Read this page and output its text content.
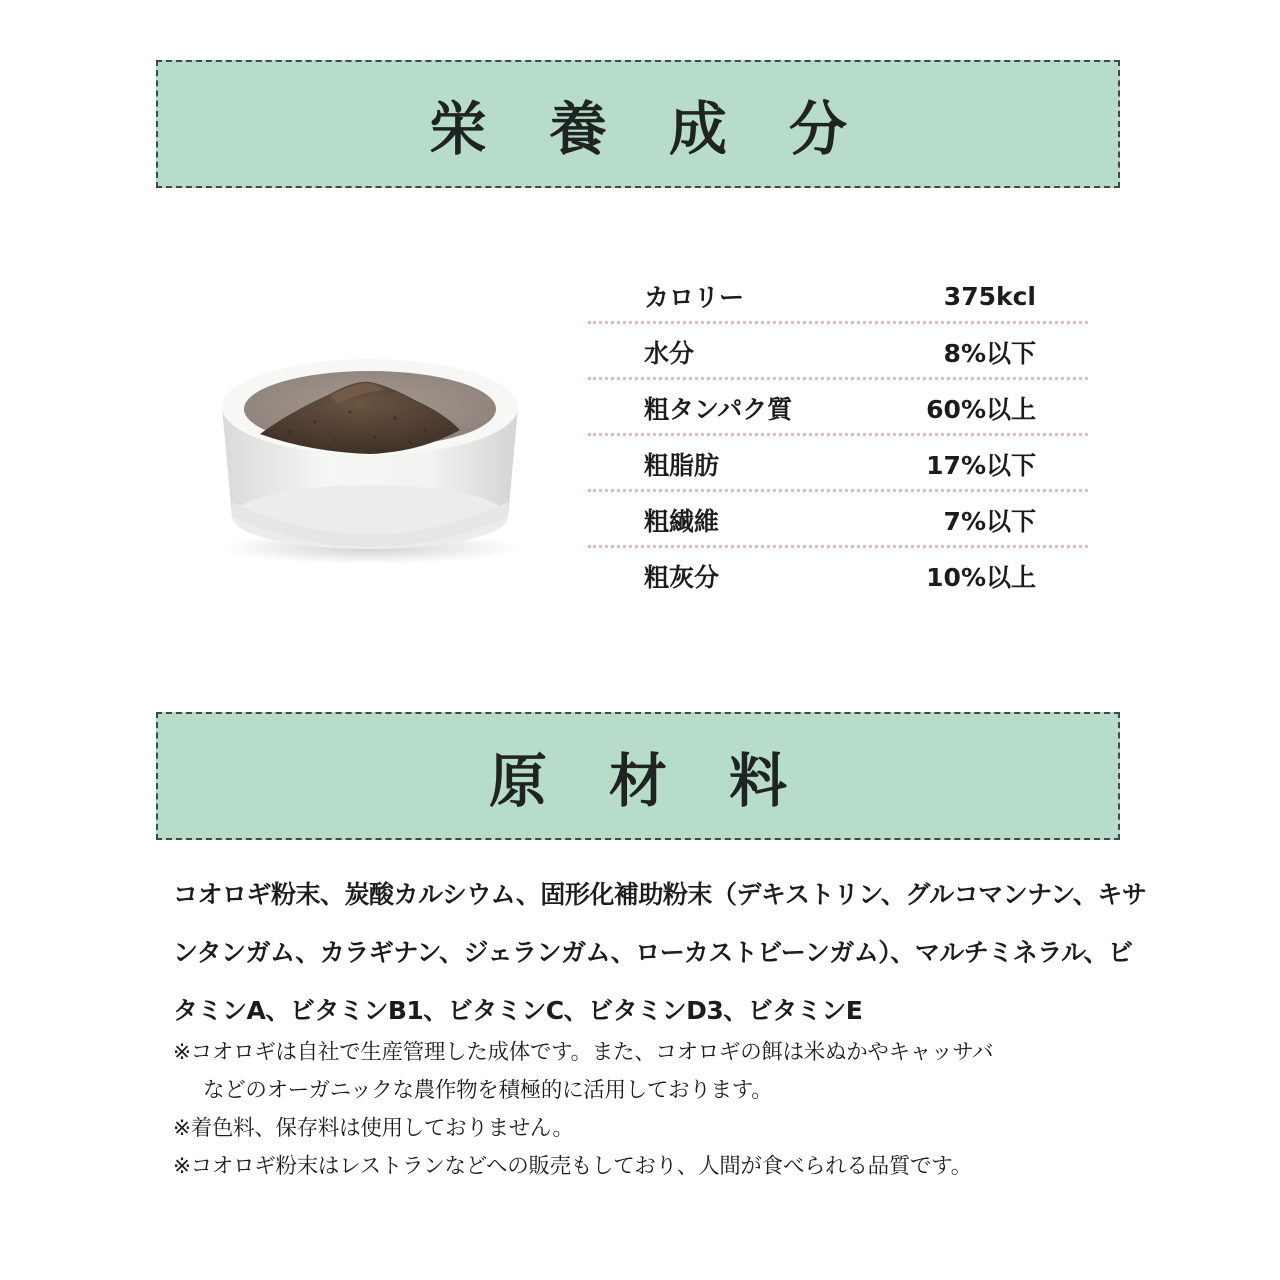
栄養成分
カロリー	375kcl
水分	8%以下
粗タンパク質	60%以上
粗脂肪	17%以下
粗繊維	7%以下
粗灰分	10%以上
原材料
コオロギ粉末、炭酸カルシウム、固形化補助粉末（デキストリン、グルコマンナン、キサンタンガム、カラギナン、ジェランガム、ローカストビーンガム）、マルチミネラル、ビタミンA、ビタミンB1、ビタミンC、ビタミンD3、ビタミンE
※コオロギは自社で生産管理した成体です。また、コオロギの餌は米ぬかやキャッサバ
などのオーガニックな農作物を積極的に活用しております。
※着色料、保存料は使用しておりません。
※コオロギ粉末はレストランなどへの販売もしており、人間が食べられる品質です。
